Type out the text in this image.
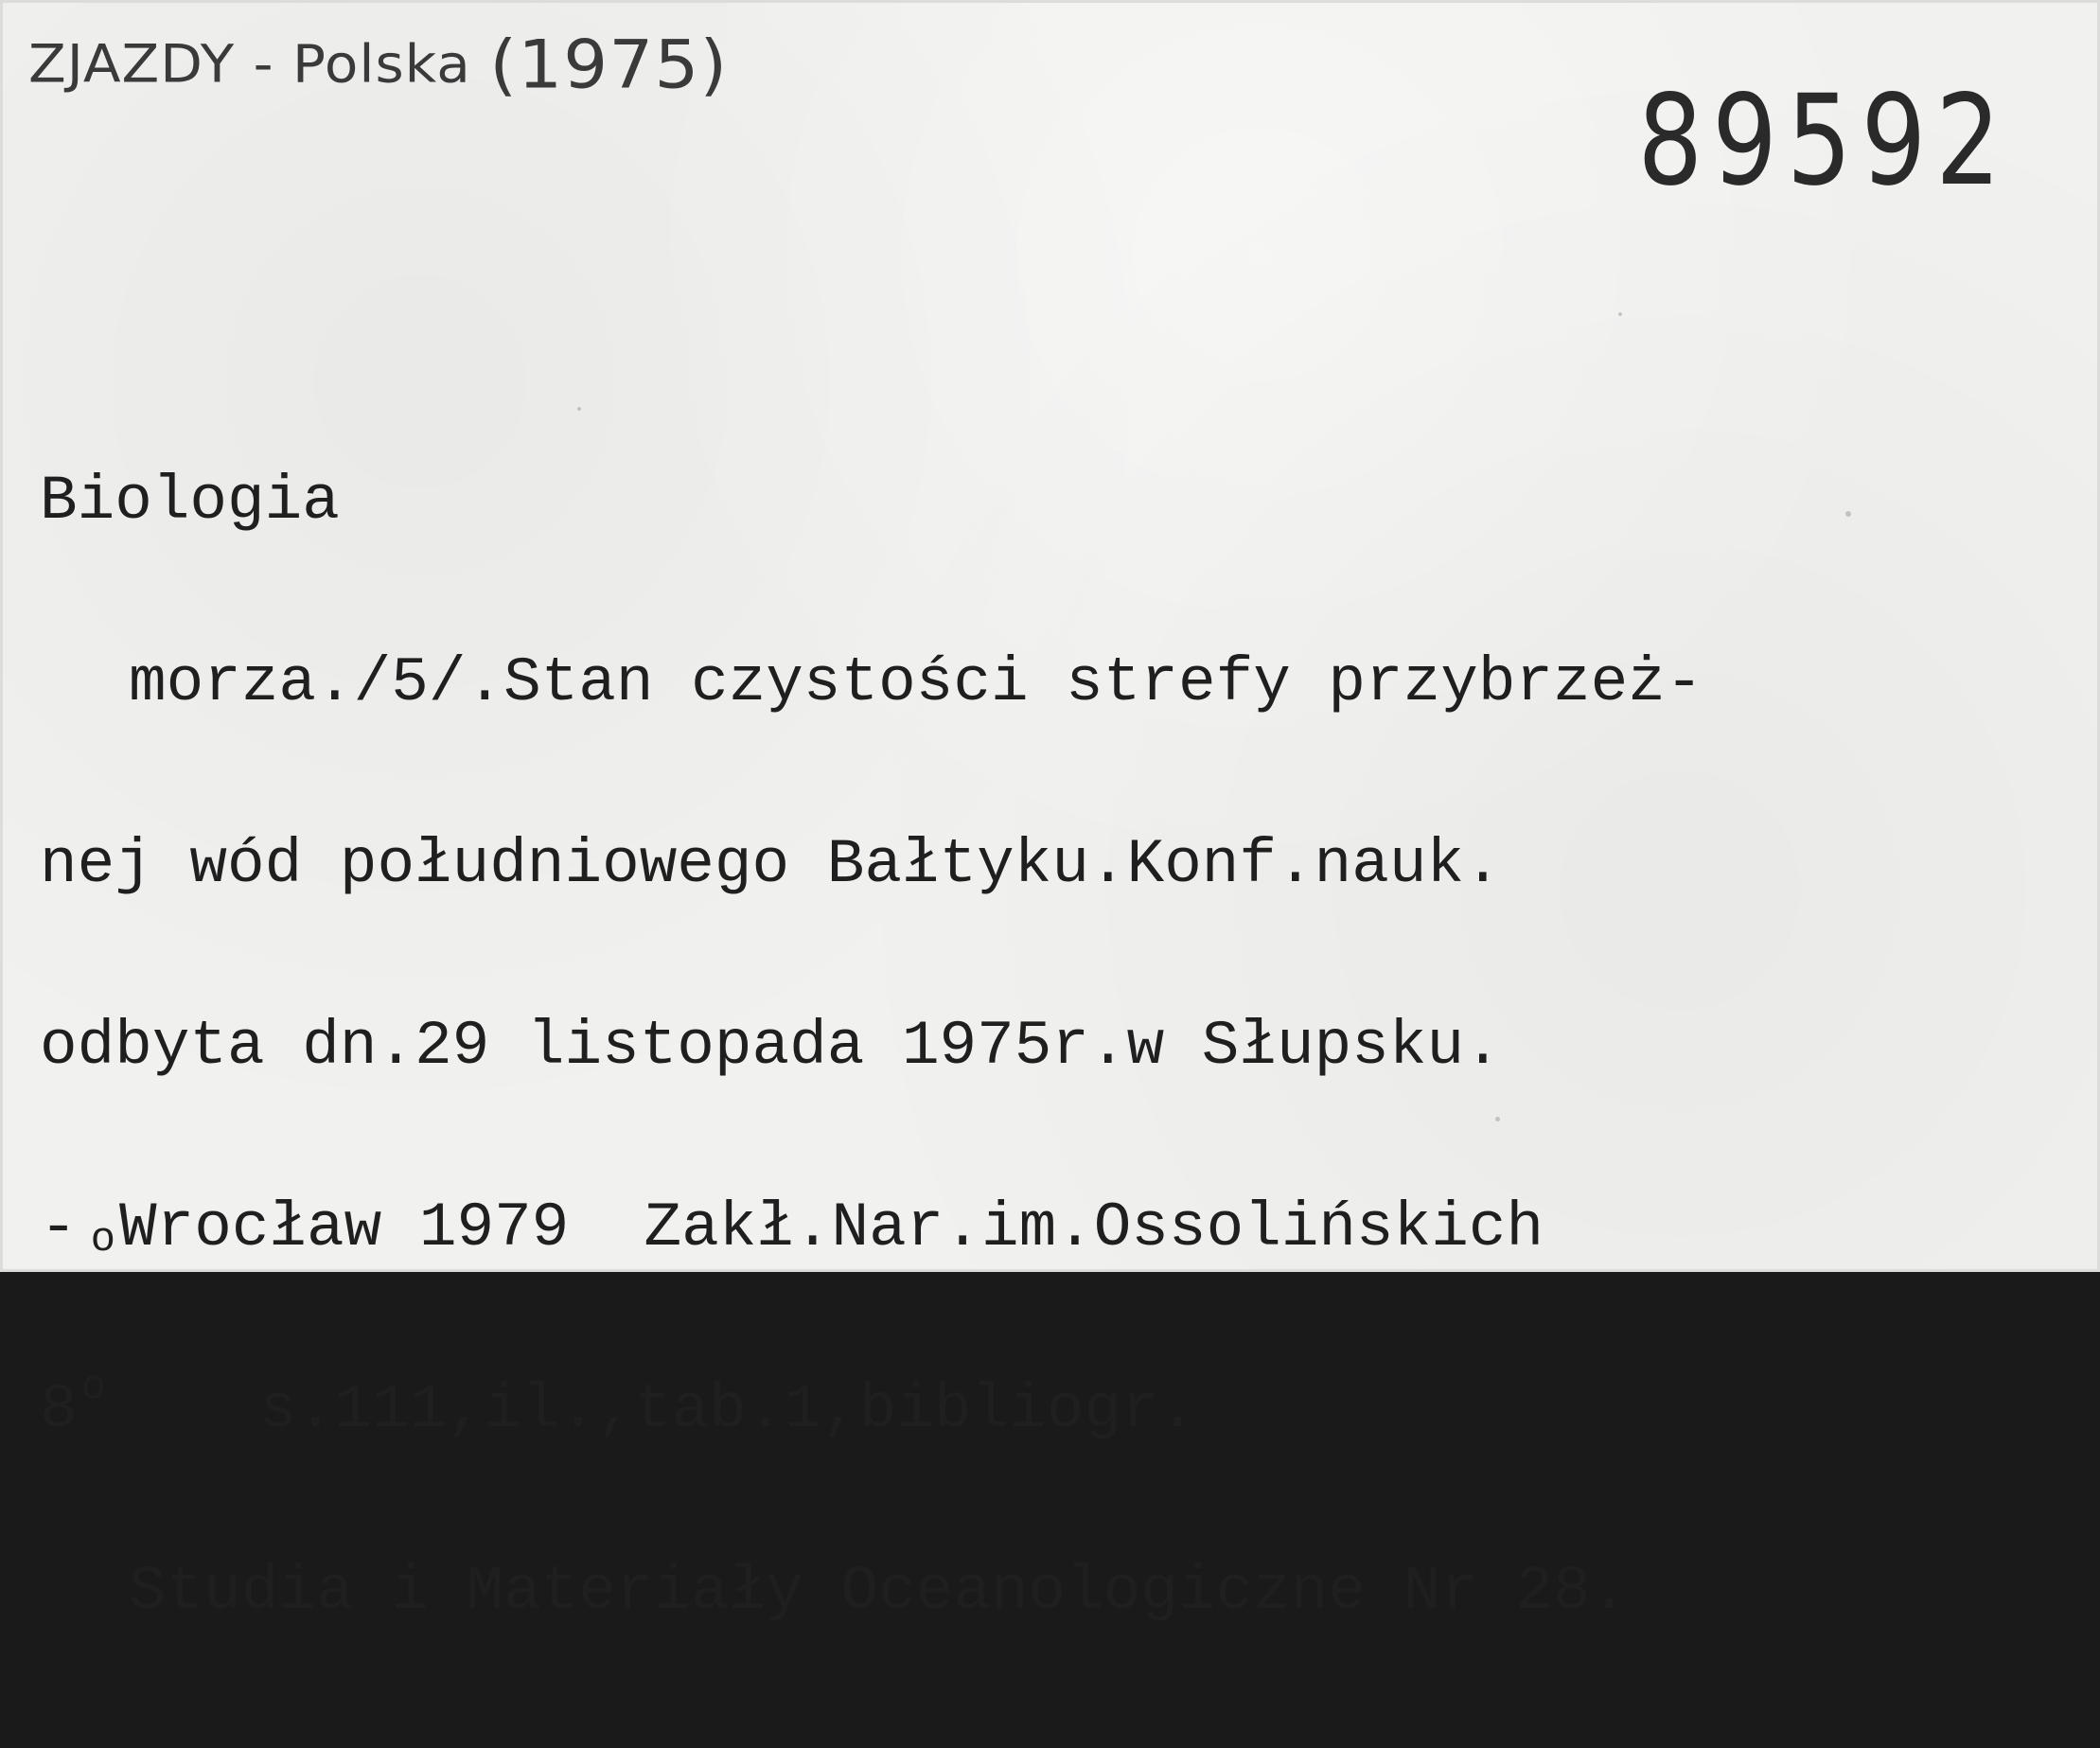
ZJAZDY - Polska (1975)
89592

Biologia

morza./5/.Stan czystości strefy przybrzeż-

nej wód południowego Bałtyku.Konf.nauk.

odbyta dn.29 listopada 1975r.w Słupsku.

- oWrocław 1979  Zakł.Nar.im.Ossolińskich

8$^o$ s.111,il.,tab.1,bibliogr.

Studia i Materiały Oceanologiczne Nr 28.
